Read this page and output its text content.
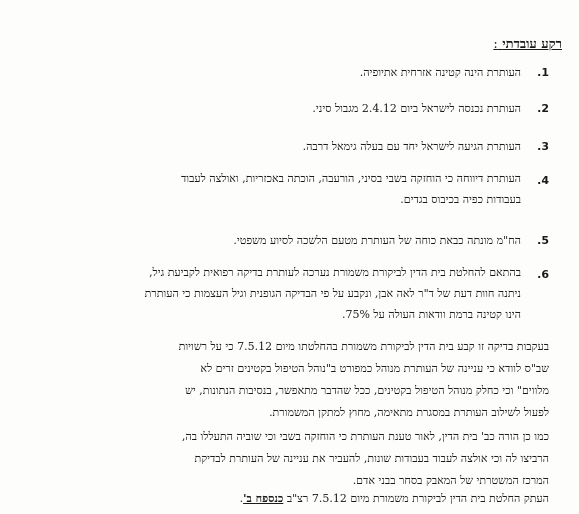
רקע עובדתי :
1.

העותרת הינה קטינה אזרחית אתיופיה.

2.

העותרת נכנסה לישראל ביום 2.4.12 מגבול סיני.

3.

העותרת הגיעה לישראל יחד עם בעלה גימאל דרבה.

4.

העותרת דיווחה כי הוחזקה בשבי בסיני, הורעבה, הוכתה באכזריות, ואולצה לעבוד

בעבודות כפיה בכיבוס בגדים.

5.

הח"מ מונתה כבאת כוחה של העותרת מטעם הלשכה לסיוע משפטי.

6.

בהתאם להחלטת בית הדין לביקורת משמורת נערכה לעותרת בדיקה רפואית לקביעת גיל,

ניתנה חוות דעת של ד"ר לאה אבן, ונקבע על פי הבדיקה הגופנית וגיל העצמות כי העותרת

הינו קטינה ברמת וודאות העולה על 75%.

בעקבות בדיקה זו קבע בית הדין לביקורת משמורת בהחלטתו מיום 7.5.12 כי על רשויות

שב"ס לוודא כי עניינה של העותרת מנוהל כמפורט ב"נוהל הטיפול בקטינים זרים לא

מלווים" וכי כחלק מנוהל הטיפול בקטינים, ככל שהדבר מתאפשר, בנסיבות הנתונות, יש

לפעול לשילוב העותרת במסגרת מתאימה, מחוץ למתקן המשמורת.

כמו כן הורה כב' בית הדין, לאור טענת העותרת כי הוחזקה בשבי וכי שוביה התעללו בה,

הרביצו לה וכי אולצה לעבוד בעבודות שונות, להעביר את עניינה של העותרת לבדיקת

המרכז המשטרתי של המאבק בסחר בבני אדם.

העתק החלטת בית הדין לביקורת משמורת מיום 7.5.12 רצ"ב כנספח ב'.
